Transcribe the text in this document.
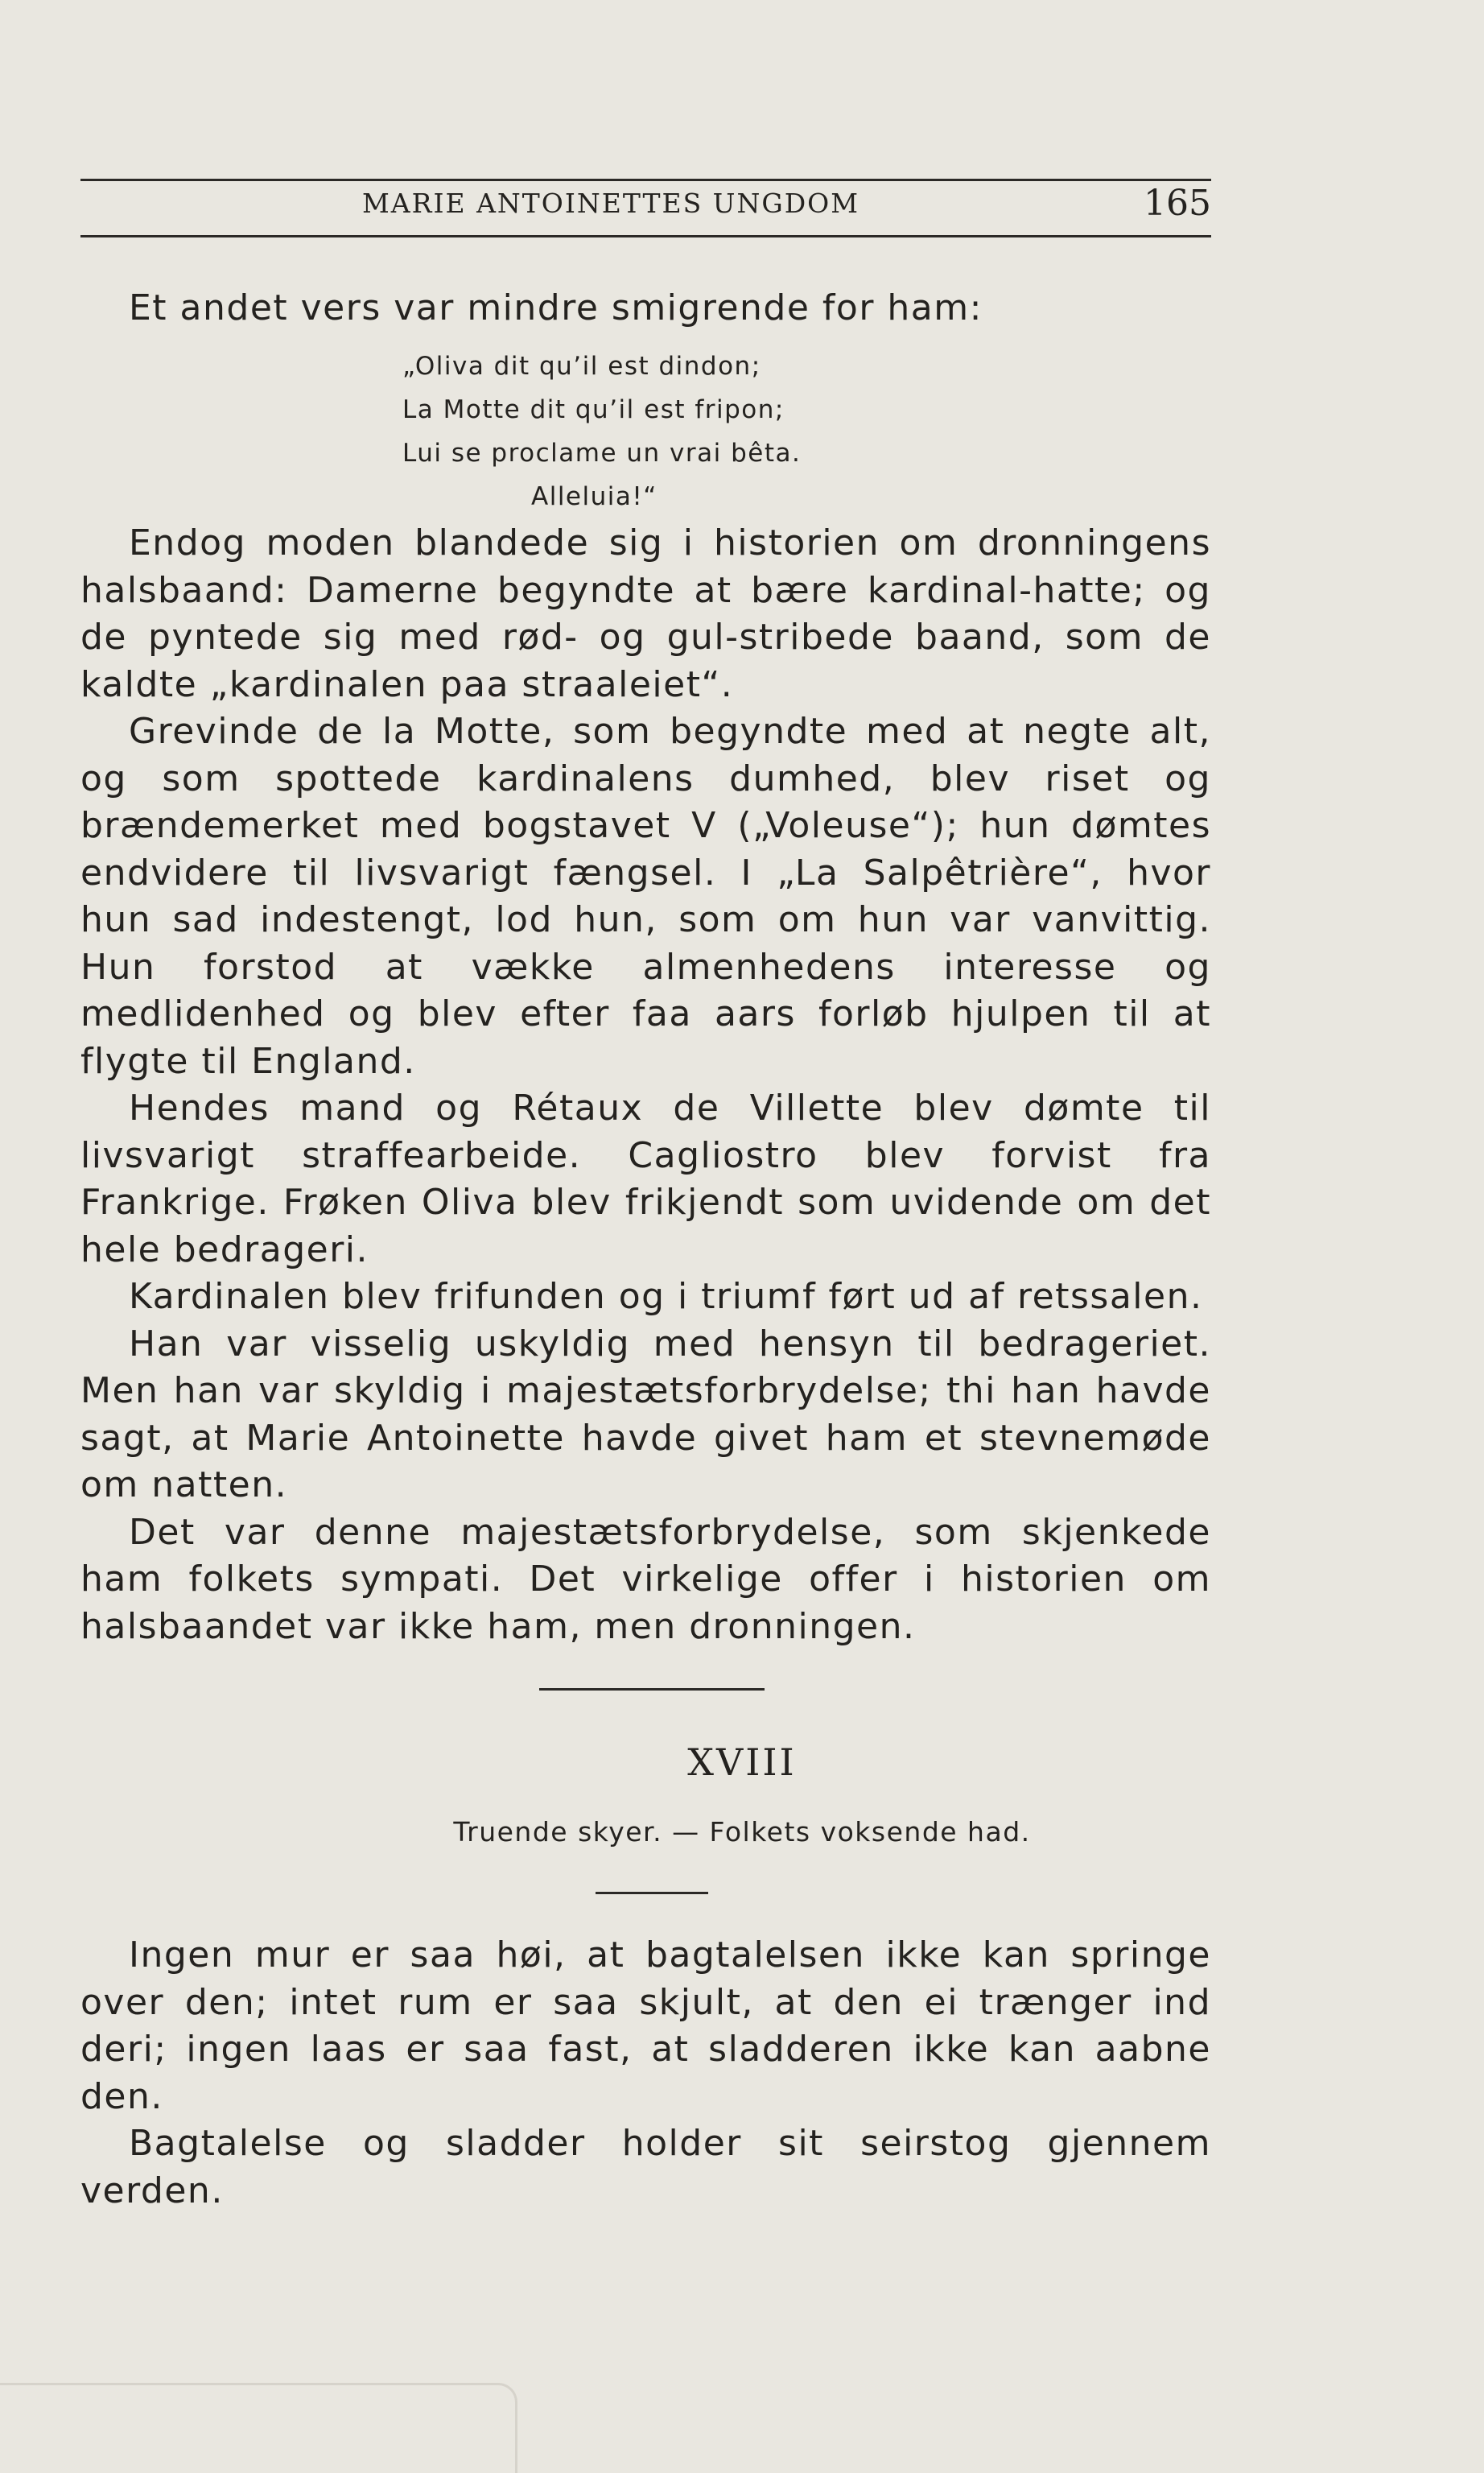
MARIE ANTOINETTES UNGDOM	165
Et andet vers var mindre smigrende for ham:
„Oliva dit qu’il est dindon;
La Motte dit qu’il est fripon;
Lui se proclame un vrai bêta.
Alleluia!“

Endog moden blandede sig i historien om dronningens halsbaand: Damerne begyndte at bære kardinal-hatte; og de pyntede sig med rød- og gul-stribede baand, som de kaldte „kardinalen paa straaleiet“.

Grevinde de la Motte, som begyndte med at negte alt, og som spottede kardinalens dumhed, blev riset og brændemerket med bogstavet V („Voleuse“); hun dømtes endvidere til livsvarigt fængsel. I „La Salpêtrière“, hvor hun sad indestengt, lod hun, som om hun var vanvittig. Hun forstod at vække almenhedens interesse og medlidenhed og blev efter faa aars forløb hjulpen til at flygte til England.

Hendes mand og Rétaux de Villette blev dømte til livsvarigt straffearbeide. Cagliostro blev forvist fra Frankrige. Frøken Oliva blev frikjendt som uvidende om det hele bedrageri.

Kardinalen blev frifunden og i triumf ført ud af retssalen.

Han var visselig uskyldig med hensyn til bedrageriet. Men han var skyldig i majestætsforbrydelse; thi han havde sagt, at Marie Antoinette havde givet ham et stevnemøde om natten.

Det var denne majestætsforbrydelse, som skjenkede ham folkets sympati. Det virkelige offer i historien om halsbaandet var ikke ham, men dronningen.

XVIII
Truende skyer. — Folkets voksende had.

Ingen mur er saa høi, at bagtalelsen ikke kan springe over den; intet rum er saa skjult, at den ei trænger ind deri; ingen laas er saa fast, at sladderen ikke kan aabne den.

Bagtalelse og sladder holder sit seirstog gjennem verden.
